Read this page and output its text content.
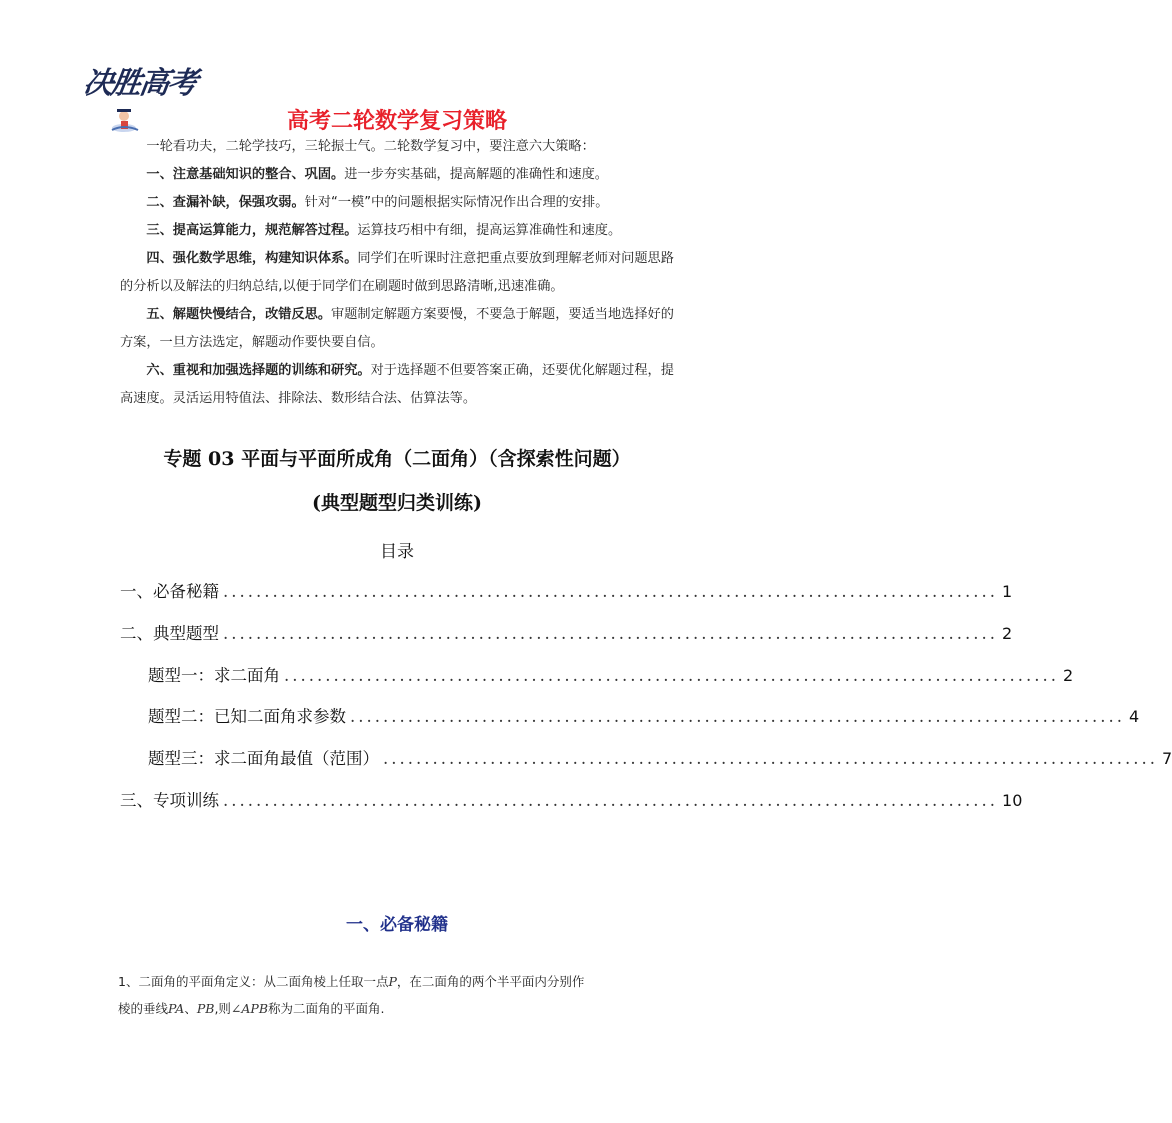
决胜高考
高考二轮数学复习策略
一轮看功夫，二轮学技巧，三轮振士气。二轮数学复习中，要注意六大策略：
一、注意基础知识的整合、巩固。进一步夯实基础，提高解题的准确性和速度。
二、查漏补缺，保强攻弱。针对“一模”中的问题根据实际情况作出合理的安排。
三、提高运算能力，规范解答过程。运算技巧相中有细，提高运算准确性和速度。
四、强化数学思维，构建知识体系。同学们在听课时注意把重点要放到理解老师对问题思路的分析以及解法的归纳总结,以便于同学们在刷题时做到思路清晰,迅速准确。
五、解题快慢结合，改错反思。审题制定解题方案要慢，不要急于解题，要适当地选择好的方案，一旦方法选定，解题动作要快要自信。
六、重视和加强选择题的训练和研究。对于选择题不但要答案正确，还要优化解题过程，提高速度。灵活运用特值法、排除法、数形结合法、估算法等。
专题 03 平面与平面所成角（二面角）（含探索性问题）
(典型题型归类训练)
目录
一、必备秘籍 .............................................................................................. 1
二、典型题型 .............................................................................................. 2
题型一：求二面角 .............................................................................................. 2
题型二：已知二面角求参数 .............................................................................................. 4
题型三：求二面角最值（范围） .............................................................................................. 7
三、专项训练 .............................................................................................. 10
一、必备秘籍
1、二面角的平面角定义：从二面角棱上任取一点P，在二面角的两个半平面内分别作
棱的垂线PA、PB,则∠APB称为二面角的平面角.
